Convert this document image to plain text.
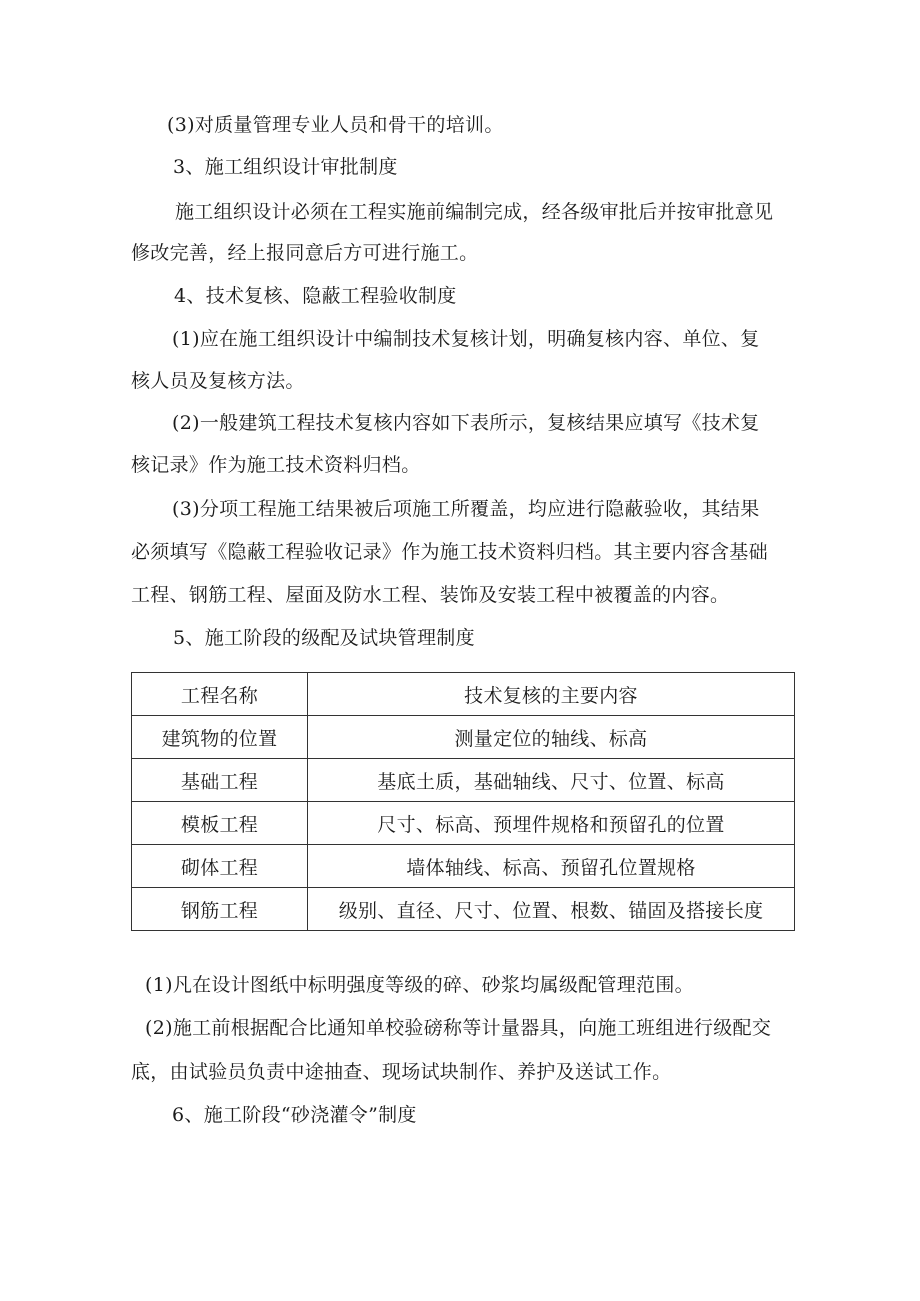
(3)对质量管理专业人员和骨干的培训。
3、施工组织设计审批制度
施工组织设计必须在工程实施前编制完成，经各级审批后并按审批意见
修改完善，经上报同意后方可进行施工。
4、技术复核、隐蔽工程验收制度
(1)应在施工组织设计中编制技术复核计划，明确复核内容、单位、复
核人员及复核方法。
(2)一般建筑工程技术复核内容如下表所示，复核结果应填写《技术复
核记录》作为施工技术资料归档。
(3)分项工程施工结果被后项施工所覆盖，均应进行隐蔽验收，其结果
必须填写《隐蔽工程验收记录》作为施工技术资料归档。其主要内容含基础
工程、钢筋工程、屋面及防水工程、装饰及安装工程中被覆盖的内容。
5、施工阶段的级配及试块管理制度
工程名称	技术复核的主要内容
建筑物的位置	测量定位的轴线、标高
基础工程	基底土质，基础轴线、尺寸、位置、标高
模板工程	尺寸、标高、预埋件规格和预留孔的位置
砌体工程	墙体轴线、标高、预留孔位置规格
钢筋工程	级别、直径、尺寸、位置、根数、锚固及搭接长度
(1)凡在设计图纸中标明强度等级的碎、砂浆均属级配管理范围。
(2)施工前根据配合比通知单校验磅称等计量器具，向施工班组进行级配交
底，由试验员负责中途抽查、现场试块制作、养护及送试工作。
6、施工阶段“砂浇灌令”制度
